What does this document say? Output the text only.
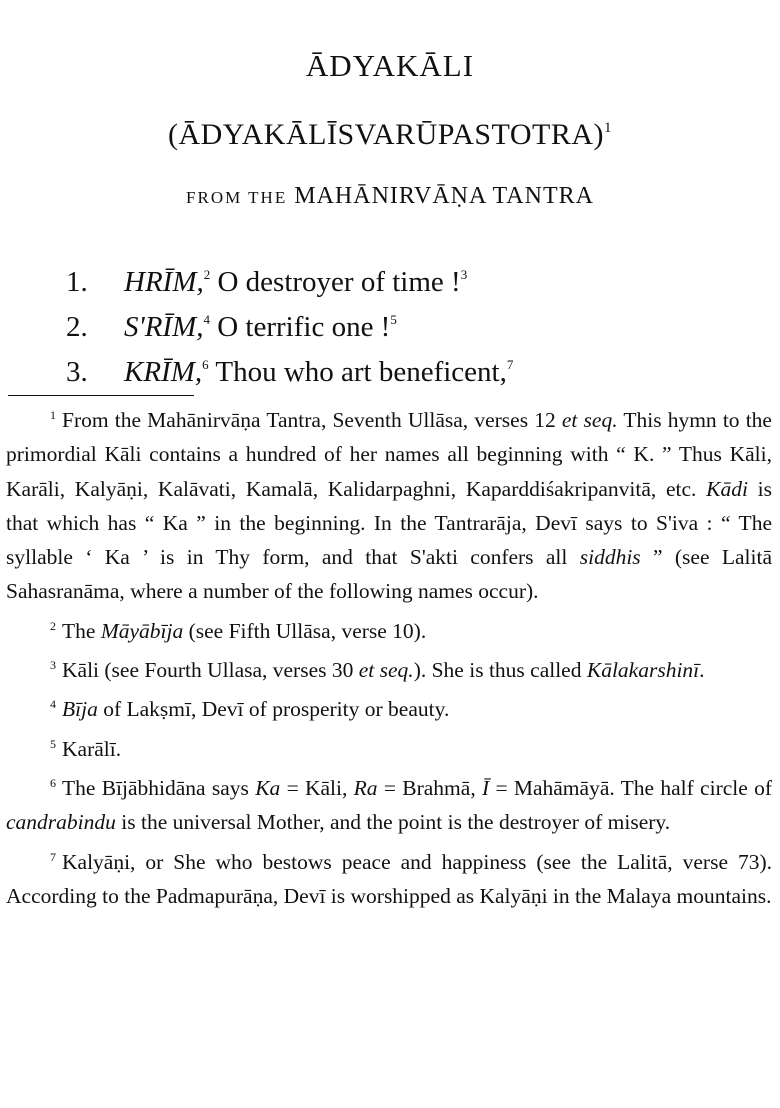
ĀDYAKĀLI
(ĀDYAKĀLĪSVARŪPASTOTRA)$^1$
FROM THE MAHĀNIRVĀṆA TANTRA
1. HRĪM,$^2$ O destroyer of time !$^3$
2. S'RĪM,$^4$ O terrific one !$^5$
3. KRĪM,$^6$ Thou who art beneficent,$^7$

$^1$ From the Mahānirvāṇa Tantra, Seventh Ullāsa, verses 12 et seq. This hymn to the primordial Kāli contains a hundred of her names all beginning with “ K. ” Thus Kāli, Karāli, Kalyāṇi, Kalāvati, Kamalā, Kalidarpaghni, Kaparddiśakripanvitā, etc. Kādi is that which has “ Ka ” in the beginning. In the Tantrarāja, Devī says to S'iva : “ The syllable ‘ Ka ’ is in Thy form, and that S'akti confers all siddhis ” (see Lalitā Sahasranāma, where a number of the following names occur).

$^2$ The Māyābīja (see Fifth Ullāsa, verse 10).

$^3$ Kāli (see Fourth Ullasa, verses 30 et seq.). She is thus called Kālakarshinī.

$^4$ Bīja of Lakṣmī, Devī of prosperity or beauty.

$^5$ Karālī.

$^6$ The Bījābhidāna says Ka = Kāli, Ra = Brahmā, Ī = Mahāmāyā. The half circle of candrabindu is the universal Mother, and the point is the destroyer of misery.

$^7$ Kalyāṇi, or She who bestows peace and happiness (see the Lalitā, verse 73). According to the Padmapurāṇa, Devī is worshipped as Kalyāṇi in the Malaya mountains.
